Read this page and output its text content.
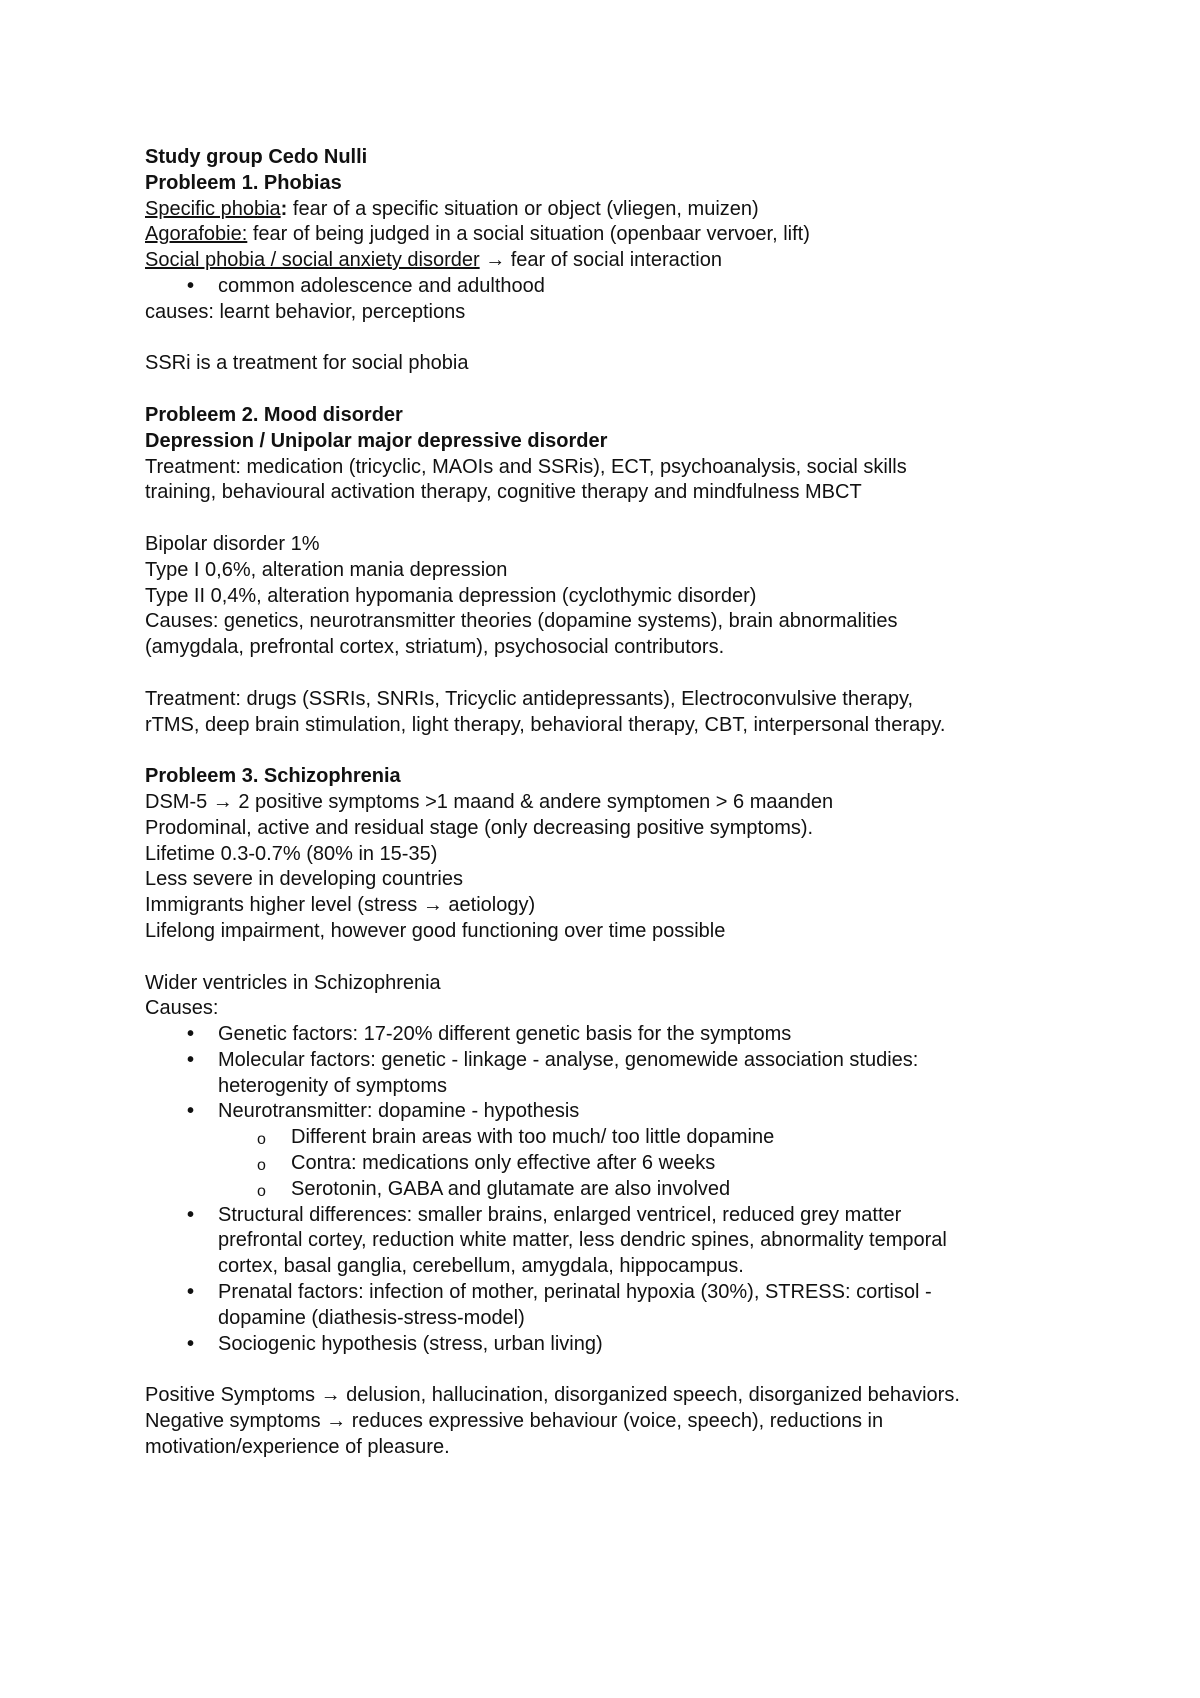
Study group Cedo Nulli
Probleem 1. Phobias
Specific phobia: fear of a specific situation or object (vliegen, muizen)
Agorafobie: fear of being judged in a social situation (openbaar vervoer, lift)
Social phobia / social anxiety disorder → fear of social interaction
• common adolescence and adulthood
causes: learnt behavior, perceptions
SSRi is a treatment for social phobia
Probleem 2. Mood disorder
Depression / Unipolar major depressive disorder
Treatment: medication (tricyclic, MAOIs and SSRis), ECT, psychoanalysis, social skills
training, behavioural activation therapy, cognitive therapy and mindfulness MBCT
Bipolar disorder 1%
Type I 0,6%, alteration mania depression
Type II 0,4%, alteration hypomania depression (cyclothymic disorder)
Causes: genetics, neurotransmitter theories (dopamine systems), brain abnormalities
(amygdala, prefrontal cortex, striatum), psychosocial contributors.
Treatment: drugs (SSRIs, SNRIs, Tricyclic antidepressants), Electroconvulsive therapy,
rTMS, deep brain stimulation, light therapy, behavioral therapy, CBT, interpersonal therapy.
Probleem 3. Schizophrenia
DSM-5 → 2 positive symptoms >1 maand & andere symptomen > 6 maanden
Prodominal, active and residual stage (only decreasing positive symptoms).
Lifetime 0.3-0.7% (80% in 15-35)
Less severe in developing countries
Immigrants higher level (stress → aetiology)
Lifelong impairment, however good functioning over time possible
Wider ventricles in Schizophrenia
Causes:
• Genetic factors: 17-20% different genetic basis for the symptoms
• Molecular factors: genetic - linkage - analyse, genomewide association studies:
heterogenity of symptoms
• Neurotransmitter: dopamine - hypothesis
o Different brain areas with too much/ too little dopamine
o Contra: medications only effective after 6 weeks
o Serotonin, GABA and glutamate are also involved
• Structural differences: smaller brains, enlarged ventricel, reduced grey matter
prefrontal cortey, reduction white matter, less dendric spines, abnormality temporal
cortex, basal ganglia, cerebellum, amygdala, hippocampus.
• Prenatal factors: infection of mother, perinatal hypoxia (30%), STRESS: cortisol -
dopamine (diathesis-stress-model)
• Sociogenic hypothesis (stress, urban living)
Positive Symptoms → delusion, hallucination, disorganized speech, disorganized behaviors.
Negative symptoms → reduces expressive behaviour (voice, speech), reductions in
motivation/experience of pleasure.
